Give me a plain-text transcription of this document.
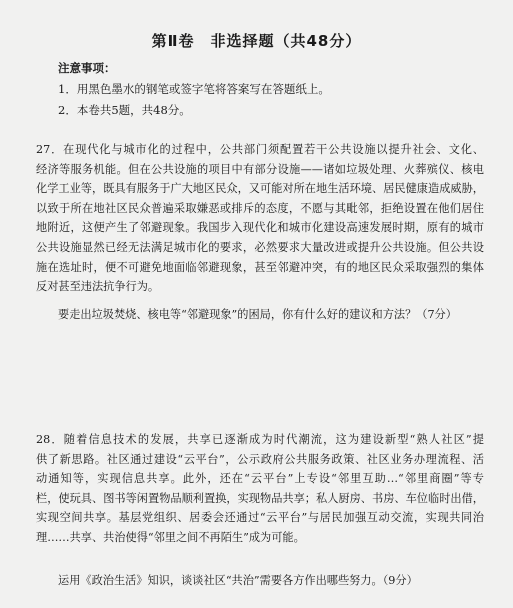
第Ⅱ卷　非选择题（共48分）
注意事项：
1．用黑色墨水的钢笔或签字笔将答案写在答题纸上。
2．本卷共5题，共48分。
27．在现代化与城市化的过程中，公共部门须配置若干公共设施以提升社会、文化、
经济等服务机能。但在公共设施的项目中有部分设施——诸如垃圾处理、火葬殡仪、核电
化学工业等，既具有服务于广大地区民众，又可能对所在地生活环境、居民健康造成威胁，
以致于所在地社区民众普遍采取嫌恶或排斥的态度，不愿与其毗邻，拒绝设置在他们居住
地附近，这便产生了邻避现象。我国步入现代化和城市化建设高速发展时期，原有的城市
公共设施显然已经无法满足城市化的要求，必然要求大量改进或提升公共设施。但公共设
施在选址时，便不可避免地面临邻避现象，甚至邻避冲突，有的地区民众采取强烈的集体
反对甚至违法抗争行为。
要走出垃圾焚烧、核电等“邻避现象”的困局，你有什么好的建议和方法？（7分）
28．随着信息技术的发展，共享已逐渐成为时代潮流，这为建设新型“熟人社区”提
供了新思路。社区通过建设“云平台”，公示政府公共服务政策、社区业务办理流程、活
动通知等，实现信息共享。此外，还在“云平台”上专设“邻里互助…“邻里商圈”等专
栏，使玩具、图书等闲置物品顺利置换，实现物品共享；私人厨房、书房、车位临时出借，
实现空间共享。基层党组织、居委会还通过“云平台”与居民加强互动交流，实现共同治
理……共享、共治使得“邻里之间不再陌生”成为可能。
运用《政治生活》知识，谈谈社区“共治”需要各方作出哪些努力。（9分）
